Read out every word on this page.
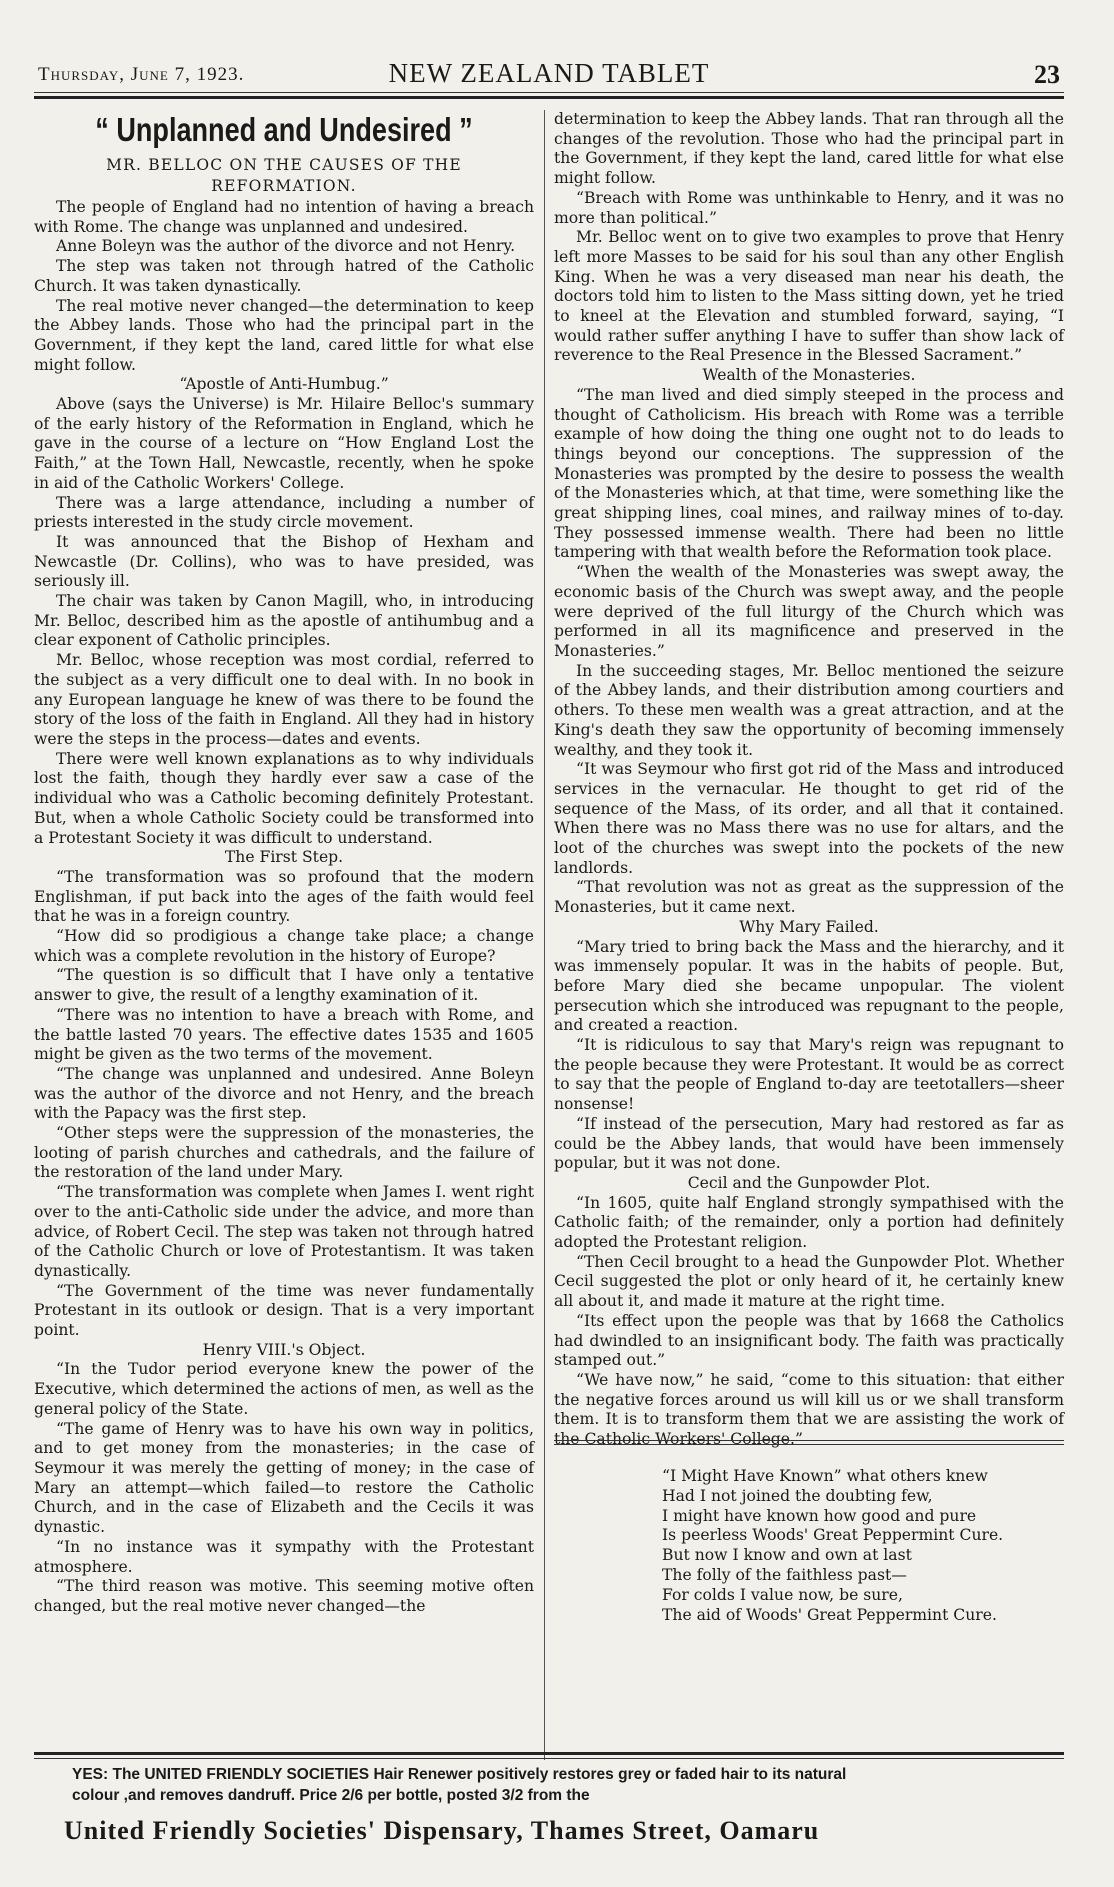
Thursday, June 7, 1923.	NEW ZEALAND TABLET	23
“ Unplanned and Undesired ”
MR. BELLOC ON THE CAUSES OF THE
REFORMATION.

The people of England had no intention of having a breach with Rome. The change was unplanned and undesired.

Anne Boleyn was the author of the divorce and not Henry.

The step was taken not through hatred of the Catholic Church. It was taken dynastically.

The real motive never changed—the determination to keep the Abbey lands. Those who had the principal part in the Government, if they kept the land, cared little for what else might follow.

“Apostle of Anti-Humbug.”

Above (says the Universe) is Mr. Hilaire Belloc's summary of the early history of the Reformation in England, which he gave in the course of a lecture on “How England Lost the Faith,” at the Town Hall, Newcastle, recently, when he spoke in aid of the Catholic Workers' College.

There was a large attendance, including a number of priests interested in the study circle movement.

It was announced that the Bishop of Hexham and Newcastle (Dr. Collins), who was to have presided, was seriously ill.

The chair was taken by Canon Magill, who, in introducing Mr. Belloc, described him as the apostle of antihumbug and a clear exponent of Catholic principles.

Mr. Belloc, whose reception was most cordial, referred to the subject as a very difficult one to deal with. In no book in any European language he knew of was there to be found the story of the loss of the faith in England. All they had in history were the steps in the process—dates and events.

There were well known explanations as to why individuals lost the faith, though they hardly ever saw a case of the individual who was a Catholic becoming definitely Protestant. But, when a whole Catholic Society could be transformed into a Protestant Society it was difficult to understand.

The First Step.

“The transformation was so profound that the modern Englishman, if put back into the ages of the faith would feel that he was in a foreign country.

“How did so prodigious a change take place; a change which was a complete revolution in the history of Europe?

“The question is so difficult that I have only a tentative answer to give, the result of a lengthy examination of it.

“There was no intention to have a breach with Rome, and the battle lasted 70 years. The effective dates 1535 and 1605 might be given as the two terms of the movement.

“The change was unplanned and undesired. Anne Boleyn was the author of the divorce and not Henry, and the breach with the Papacy was the first step.

“Other steps were the suppression of the monasteries, the looting of parish churches and cathedrals, and the failure of the restoration of the land under Mary.

“The transformation was complete when James I. went right over to the anti-Catholic side under the advice, and more than advice, of Robert Cecil. The step was taken not through hatred of the Catholic Church or love of Protestantism. It was taken dynastically.

“The Government of the time was never fundamentally Protestant in its outlook or design. That is a very important point.

Henry VIII.'s Object.

“In the Tudor period everyone knew the power of the Executive, which determined the actions of men, as well as the general policy of the State.

“The game of Henry was to have his own way in politics, and to get money from the monasteries; in the case of Seymour it was merely the getting of money; in the case of Mary an attempt—which failed—to restore the Catholic Church, and in the case of Elizabeth and the Cecils it was dynastic.

“In no instance was it sympathy with the Protestant atmosphere.

“The third reason was motive. This seeming motive often changed, but the real motive never changed—the

determination to keep the Abbey lands. That ran through all the changes of the revolution. Those who had the principal part in the Government, if they kept the land, cared little for what else might follow.

“Breach with Rome was unthinkable to Henry, and it was no more than political.”

Mr. Belloc went on to give two examples to prove that Henry left more Masses to be said for his soul than any other English King. When he was a very diseased man near his death, the doctors told him to listen to the Mass sitting down, yet he tried to kneel at the Elevation and stumbled forward, saying, “I would rather suffer anything I have to suffer than show lack of reverence to the Real Presence in the Blessed Sacrament.”

Wealth of the Monasteries.

“The man lived and died simply steeped in the process and thought of Catholicism. His breach with Rome was a terrible example of how doing the thing one ought not to do leads to things beyond our conceptions. The suppression of the Monasteries was prompted by the desire to possess the wealth of the Monasteries which, at that time, were something like the great shipping lines, coal mines, and railway mines of to-day. They possessed immense wealth. There had been no little tampering with that wealth before the Reformation took place.

“When the wealth of the Monasteries was swept away, the economic basis of the Church was swept away, and the people were deprived of the full liturgy of the Church which was performed in all its magnificence and preserved in the Monasteries.”

In the succeeding stages, Mr. Belloc mentioned the seizure of the Abbey lands, and their distribution among courtiers and others. To these men wealth was a great attraction, and at the King's death they saw the opportunity of becoming immensely wealthy, and they took it.

“It was Seymour who first got rid of the Mass and introduced services in the vernacular. He thought to get rid of the sequence of the Mass, of its order, and all that it contained. When there was no Mass there was no use for altars, and the loot of the churches was swept into the pockets of the new landlords.

“That revolution was not as great as the suppression of the Monasteries, but it came next.

Why Mary Failed.

“Mary tried to bring back the Mass and the hierarchy, and it was immensely popular. It was in the habits of people. But, before Mary died she became unpopular. The violent persecution which she introduced was repugnant to the people, and created a reaction.

“It is ridiculous to say that Mary's reign was repugnant to the people because they were Protestant. It would be as correct to say that the people of England to-day are teetotallers—sheer nonsense!

“If instead of the persecution, Mary had restored as far as could be the Abbey lands, that would have been immensely popular, but it was not done.

Cecil and the Gunpowder Plot.

“In 1605, quite half England strongly sympathised with the Catholic faith; of the remainder, only a portion had definitely adopted the Protestant religion.

“Then Cecil brought to a head the Gunpowder Plot. Whether Cecil suggested the plot or only heard of it, he certainly knew all about it, and made it mature at the right time.

“Its effect upon the people was that by 1668 the Catholics had dwindled to an insignificant body. The faith was practically stamped out.”

“We have now,” he said, “come to this situation: that either the negative forces around us will kill us or we shall transform them. It is to transform them that we are assisting the work of the Catholic Workers' College.”

“I Might Have Known” what others knew
Had I not joined the doubting few,
I might have known how good and pure
Is peerless Woods' Great Peppermint Cure.
But now I know and own at last
The folly of the faithless past—
For colds I value now, be sure,
The aid of Woods' Great Peppermint Cure.
YES: The UNITED FRIENDLY SOCIETIES Hair Renewer positively restores grey or faded hair to its natural
colour ,and removes dandruff. Price 2/6 per bottle, posted 3/2 from the
United Friendly Societies' Dispensary, Thames Street, Oamaru
